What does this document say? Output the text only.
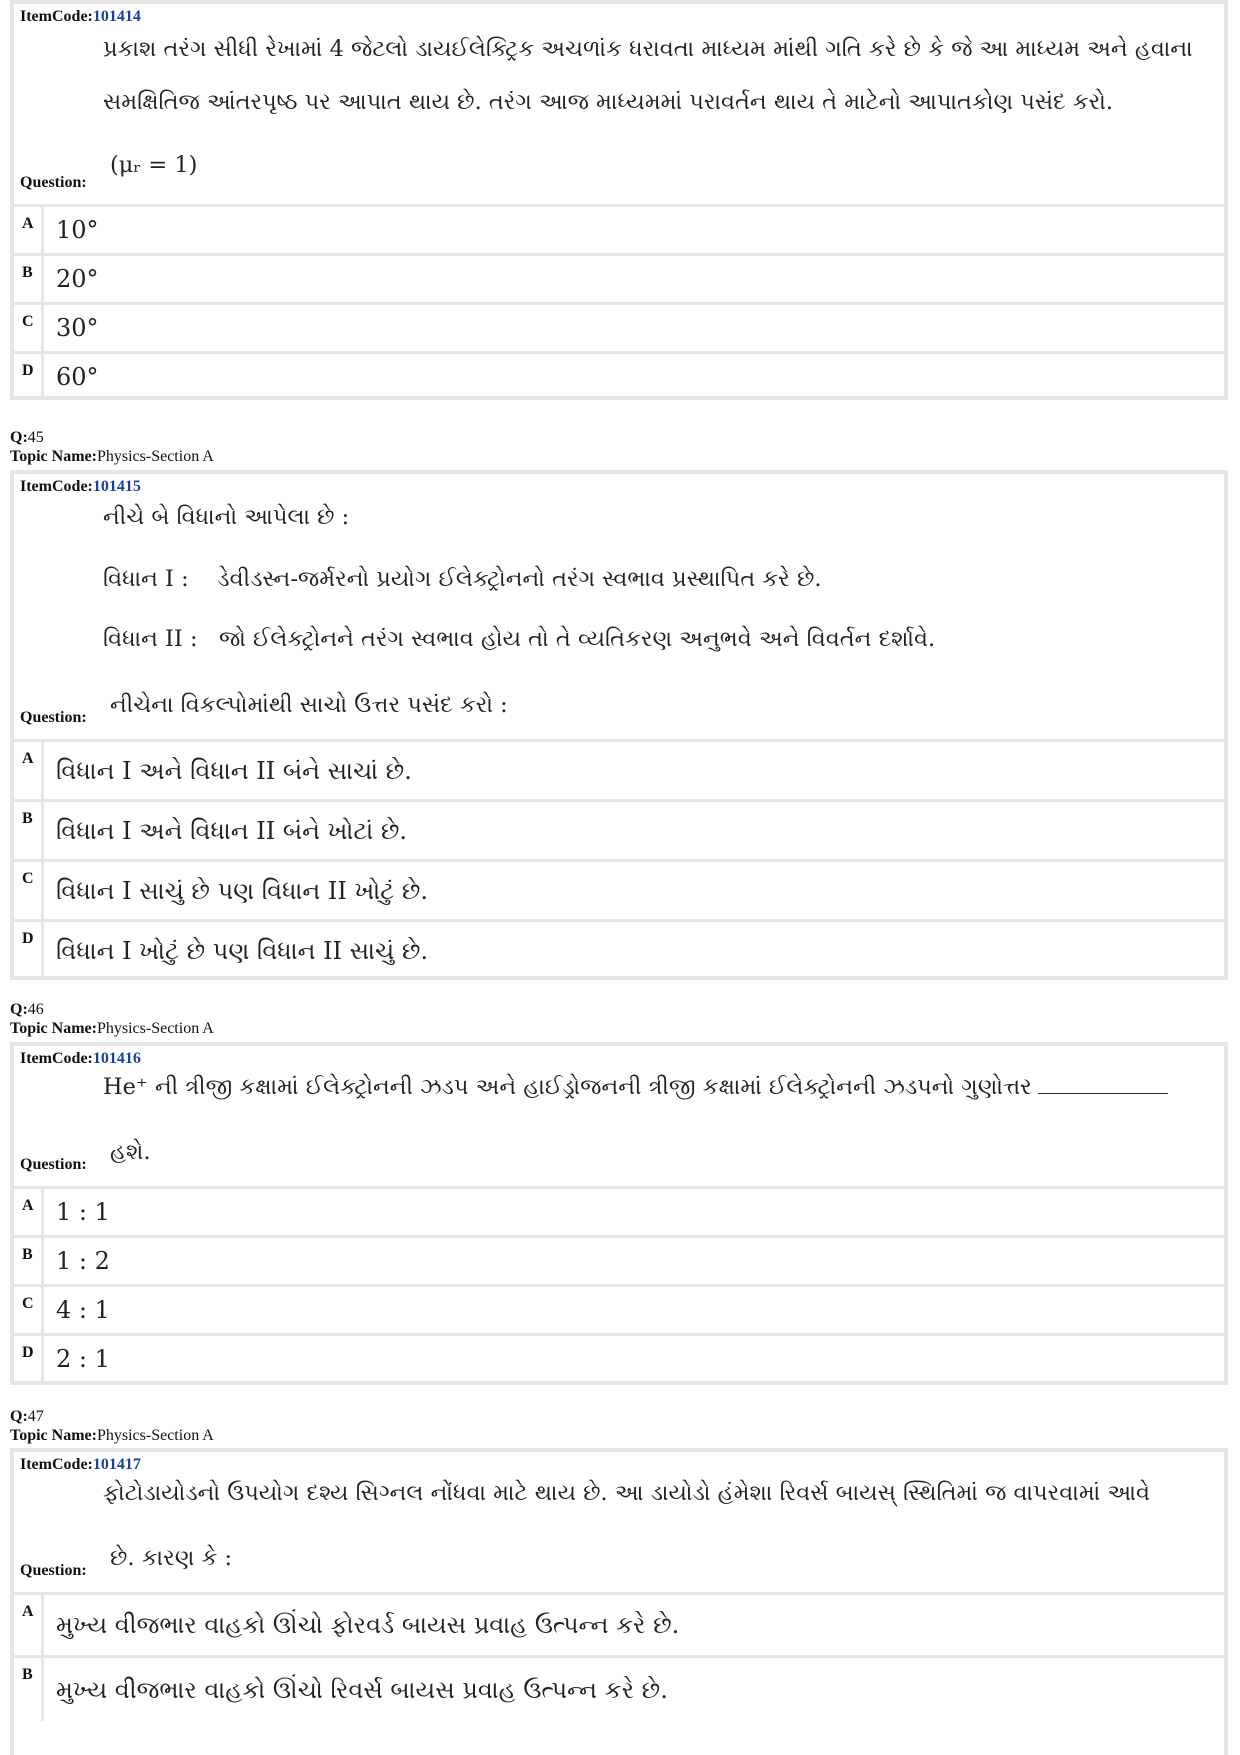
ItemCode:101414

પ્રકાશ તરંગ સીધી રેખામાં 4 જેટલો ડાયઈલેક્ટ્રિક અચળાંક ધરાવતા માધ્યમ માંથી ગતિ કરે છે કે જે આ માધ્યમ અને હવાના

સમક્ષિતિજ આંતરપૃષ્ઠ પર આપાત થાય છે. તરંગ આજ માધ્યમમાં પરાવર્તન થાય તે માટેનો આપાતકોણ પસંદ કરો.

Question:
(μᵣ = 1)
A 10°
B 20°
C 30°
D 60°
Q:45
Topic Name:Physics-Section A
ItemCode:101415

નીચે બે વિધાનો આપેલા છે :

વિધાન I :    ડેવીડસ્ન-જર્મરનો પ્રયોગ ઈલેક્ટ્રોનનો તરંગ સ્વભાવ પ્રસ્થાપિત કરે છે.

વિધાન II :   જો ઈલેક્ટ્રોનને તરંગ સ્વભાવ હોય તો તે વ્યતિકરણ અનુભવે અને વિવર્તન દર્શાવે.

Question: નીચેના વિકલ્પોમાંથી સાચો ઉત્તર પસંદ કરો :
A વિધાન I અને વિધાન II બંને સાચાં છે.
B વિધાન I અને વિધાન II બંને ખોટાં છે.
C વિધાન I સાચું છે પણ વિધાન II ખોટું છે.
D વિધાન I ખોટું છે પણ વિધાન II સાચું છે.
Q:46
Topic Name:Physics-Section A
ItemCode:101416

He⁺ ની ત્રીજી કક્ષામાં ઈલેક્ટ્રોનની ઝડપ અને હાઈડ્રોજનની ત્રીજી કક્ષામાં ઈલેક્ટ્રોનની ઝડપનો ગુણોત્તર

Question: હશે.
A 1 : 1
B 1 : 2
C 4 : 1
D 2 : 1
Q:47
Topic Name:Physics-Section A
ItemCode:101417

ફોટોડાયોડનો ઉપયોગ દશ્ય સિગ્નલ નોંધવા માટે થાય છે. આ ડાયોડો હંમેશા રિવર્સ બાયસ્ સ્થિતિમાં જ વાપરવામાં આવે

Question: છે. કારણ કે :
A મુખ્ય વીજભાર વાહકો ઊંચો ફોરવર્ડ બાયસ પ્રવાહ ઉત્પન્ન કરે છે.
B
મુખ્ય વીજભાર વાહકો ઊંચો રિવર્સ બાયસ પ્રવાહ ઉત્પન્ન કરે છે.
